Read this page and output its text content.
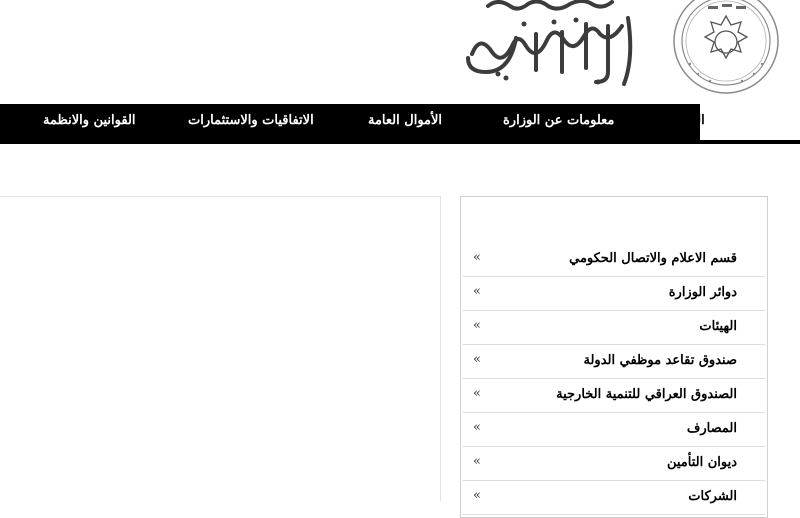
الرئيسية
معلومات عن الوزارة
الأموال العامة
الاتفاقيات والاستثمارات
القوانين والانظمة
قسم الاعلام والاتصال الحكومي
»
دوائر الوزارة
»
الهيئات
»
صندوق تقاعد موظفي الدولة
»
الصندوق العراقي للتنمية الخارجية
»
المصارف
»
ديوان التأمين
»
الشركات
»
